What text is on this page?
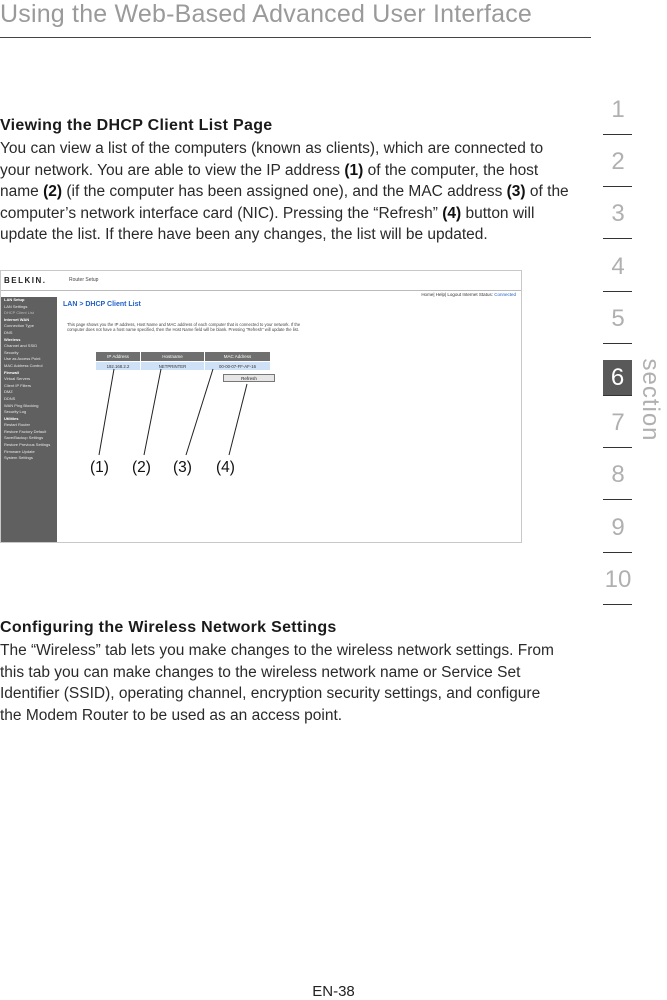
Using the Web-Based Advanced User Interface
Viewing the DHCP Client List Page

You can view a list of the computers (known as clients), which are connected to your network. You are able to view the IP address (1) of the computer, the host name (2) (if the computer has been assigned one), and the MAC address (3) of the computer’s network interface card (NIC). Pressing the “Refresh” (4) button will update the list. If there have been any changes, the list will be updated.

BELKIN.	Router Setup
Home| Help| Logout Internet Status: Connected
LAN Setup
LAN Settings
DHCP Client List
Internet WAN
Connection Type
DNS
Wireless
Channel and SSID
Security
Use as Access Point
MAC Address Control
Firewall
Virtual Servers
Client IP Filters
DMZ
DDNS
WAN Ping Blocking
Security Log
Utilities
Restart Router
Restore Factory Default
Save/Backup Settings
Restore Previous Settings
Firmware Update
System Settings
LAN > DHCP Client List
This page shows you the IP address, Host Name and MAC address of each computer that is connected to your network. If the computer does not have a host name specified, then the Host Name field will be blank. Pressing "Refresh" will update the list.
IP Address	Hostname	MAC Address
192.168.2.2	NETPRINTER	00-00-07-FF-AF-16
Refresh
(1) (2) (3) (4)
Configuring the Wireless Network Settings

The “Wireless” tab lets you make changes to the wireless network settings. From this tab you can make changes to the wireless network name or Service Set Identifier (SSID), operating channel, encryption security settings, and configure the Modem Router to be used as an access point.

1
2
3
4
5
6
7
8
9
10
section
EN-38
